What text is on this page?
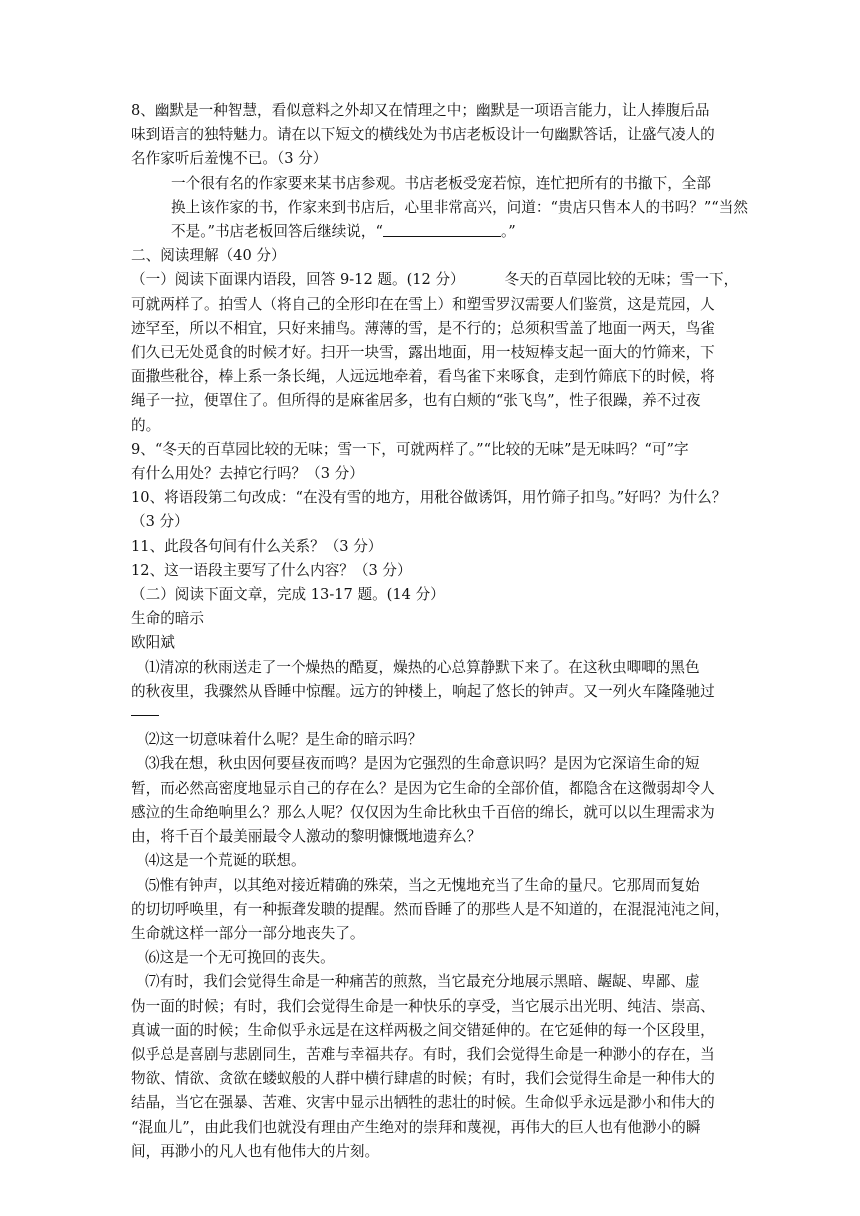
8、幽默是一种智慧，看似意料之外却又在情理之中；幽默是一项语言能力，让人捧腹后品

味到语言的独特魅力。请在以下短文的横线处为书店老板设计一句幽默答话，让盛气凌人的

名作家听后羞愧不已。（3 分）

一个很有名的作家要来某书店参观。书店老板受宠若惊，连忙把所有的书撤下，全部

换上该作家的书，作家来到书店后，心里非常高兴，问道：“贵店只售本人的书吗？”“当然

不是。”书店老板回答后继续说，“	。”

二、阅读理解（40 分）

（一）阅读下面课内语段，回答 9-12 题。(12 分）	冬天的百草园比较的无味；雪一下，

可就两样了。拍雪人（将自己的全形印在在雪上）和塑雪罗汉需要人们鉴赏，这是荒园，人

迹罕至，所以不相宜，只好来捕鸟。薄薄的雪，是不行的；总须积雪盖了地面一两天，鸟雀

们久已无处觅食的时候才好。扫开一块雪，露出地面，用一枝短棒支起一面大的竹筛来，下

面撒些秕谷，棒上系一条长绳，人远远地牵着，看鸟雀下来啄食，走到竹筛底下的时候，将

绳子一拉，便罩住了。但所得的是麻雀居多，也有白颊的“张飞鸟”，性子很躁，养不过夜

的。

9、“冬天的百草园比较的无味；雪一下，可就两样了。”“比较的无味”是无味吗？“可”字

有什么用处？去掉它行吗？（3 分）

10、将语段第二句改成：“在没有雪的地方，用秕谷做诱饵，用竹筛子扣鸟。”好吗？为什么？

（3 分）

11、此段各句间有什么关系？（3 分）

12、这一语段主要写了什么内容？（3 分）

（二）阅读下面文章，完成 13-17 题。(14 分）

生命的暗示

欧阳斌

⑴清凉的秋雨送走了一个燥热的酷夏，燥热的心总算静默下来了。在这秋虫唧唧的黑色

的秋夜里，我骤然从昏睡中惊醒。远方的钟楼上，响起了悠长的钟声。又一列火车隆隆驰过

⑵这一切意味着什么呢？是生命的暗示吗？

⑶我在想，秋虫因何要昼夜而鸣？是因为它强烈的生命意识吗？是因为它深谙生命的短

暂，而必然高密度地显示自己的存在么？是因为它生命的全部价值，都隐含在这微弱却令人

感泣的生命绝响里么？那么人呢？仅仅因为生命比秋虫千百倍的绵长，就可以以生理需求为

由，将千百个最美丽最令人激动的黎明慷慨地遗弃么？

⑷这是一个荒诞的联想。

⑸惟有钟声，以其绝对接近精确的殊荣，当之无愧地充当了生命的量尺。它那周而复始

的切切呼唤里，有一种振聋发聩的提醒。然而昏睡了的那些人是不知道的，在混混沌沌之间，

生命就这样一部分一部分地丧失了。

⑹这是一个无可挽回的丧失。

⑺有时，我们会觉得生命是一种痛苦的煎熬，当它最充分地展示黑暗、龌龊、卑鄙、虚

伪一面的时候；有时，我们会觉得生命是一种快乐的享受，当它展示出光明、纯洁、崇高、

真诚一面的时候；生命似乎永远是在这样两极之间交错延伸的。在它延伸的每一个区段里，

似乎总是喜剧与悲剧同生，苦难与幸福共存。有时，我们会觉得生命是一种渺小的存在，当

物欲、情欲、贪欲在蝼蚁般的人群中横行肆虐的时候；有时，我们会觉得生命是一种伟大的

结晶，当它在强暴、苦难、灾害中显示出牺牲的悲壮的时候。生命似乎永远是渺小和伟大的

“混血儿”，由此我们也就没有理由产生绝对的崇拜和蔑视，再伟大的巨人也有他渺小的瞬

间，再渺小的凡人也有他伟大的片刻。
